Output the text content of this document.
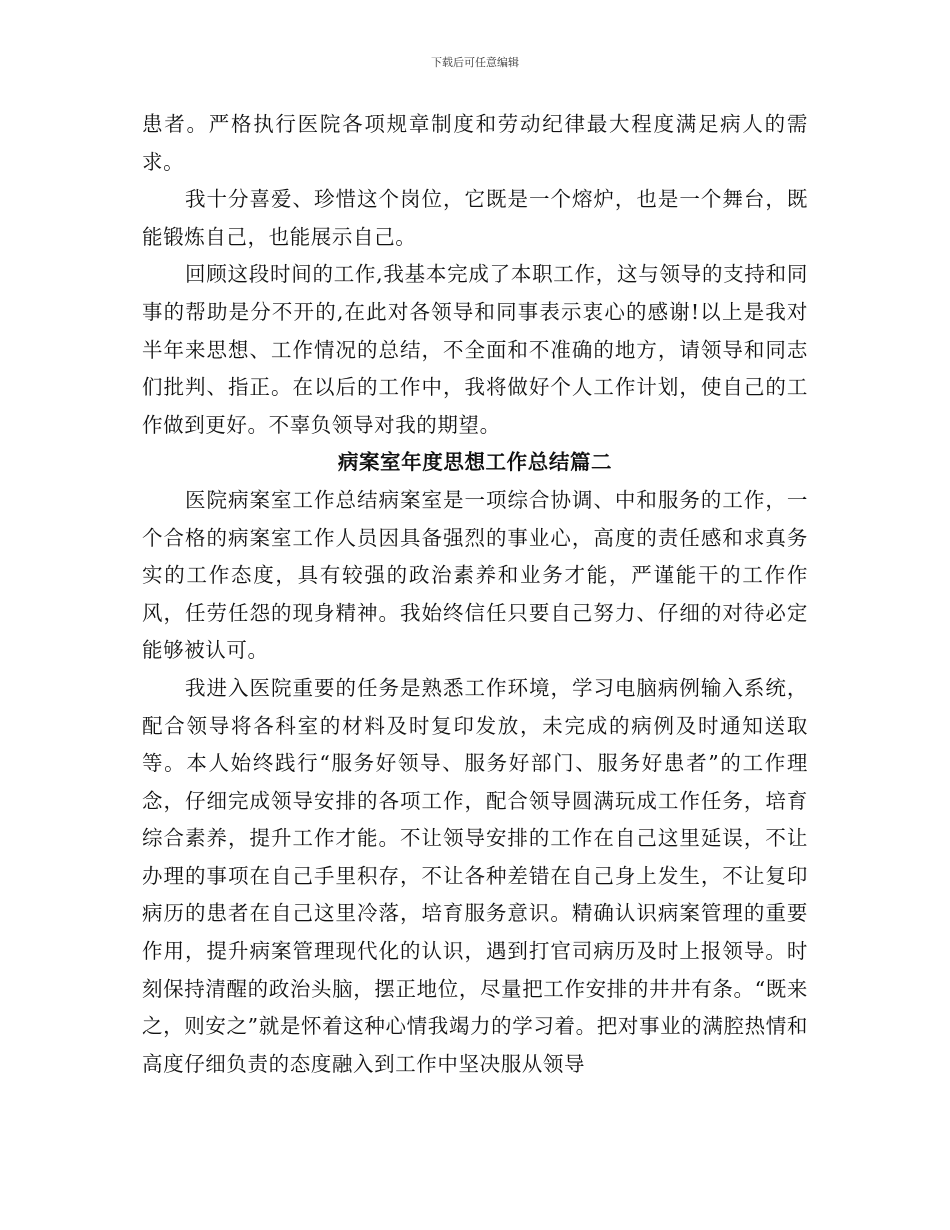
下载后可任意编辑

患者。严格执行医院各项规章制度和劳动纪律最大程度满足病人的需求。

我十分喜爱、珍惜这个岗位，它既是一个熔炉，也是一个舞台，既能锻炼自己，也能展示自己。

回顾这段时间的工作,我基本完成了本职工作，这与领导的支持和同事的帮助是分不开的,在此对各领导和同事表示衷心的感谢!以上是我对半年来思想、工作情况的总结，不全面和不准确的地方，请领导和同志们批判、指正。在以后的工作中，我将做好个人工作计划，使自己的工作做到更好。不辜负领导对我的期望。

病案室年度思想工作总结篇二

医院病案室工作总结病案室是一项综合协调、中和服务的工作，一个合格的病案室工作人员因具备强烈的事业心，高度的责任感和求真务实的工作态度，具有较强的政治素养和业务才能，严谨能干的工作作风，任劳任怨的现身精神。我始终信任只要自己努力、仔细的对待必定能够被认可。

我进入医院重要的任务是熟悉工作环境，学习电脑病例输入系统，配合领导将各科室的材料及时复印发放，未完成的病例及时通知送取等。本人始终践行“服务好领导、服务好部门、服务好患者”的工作理念，仔细完成领导安排的各项工作，配合领导圆满玩成工作任务，培育综合素养，提升工作才能。不让领导安排的工作在自己这里延误，不让办理的事项在自己手里积存，不让各种差错在自己身上发生，不让复印病历的患者在自己这里冷落，培育服务意识。精确认识病案管理的重要作用，提升病案管理现代化的认识，遇到打官司病历及时上报领导。时刻保持清醒的政治头脑，摆正地位，尽量把工作安排的井井有条。“既来之，则安之”就是怀着这种心情我竭力的学习着。把对事业的满腔热情和高度仔细负责的态度融入到工作中坚决服从领导
